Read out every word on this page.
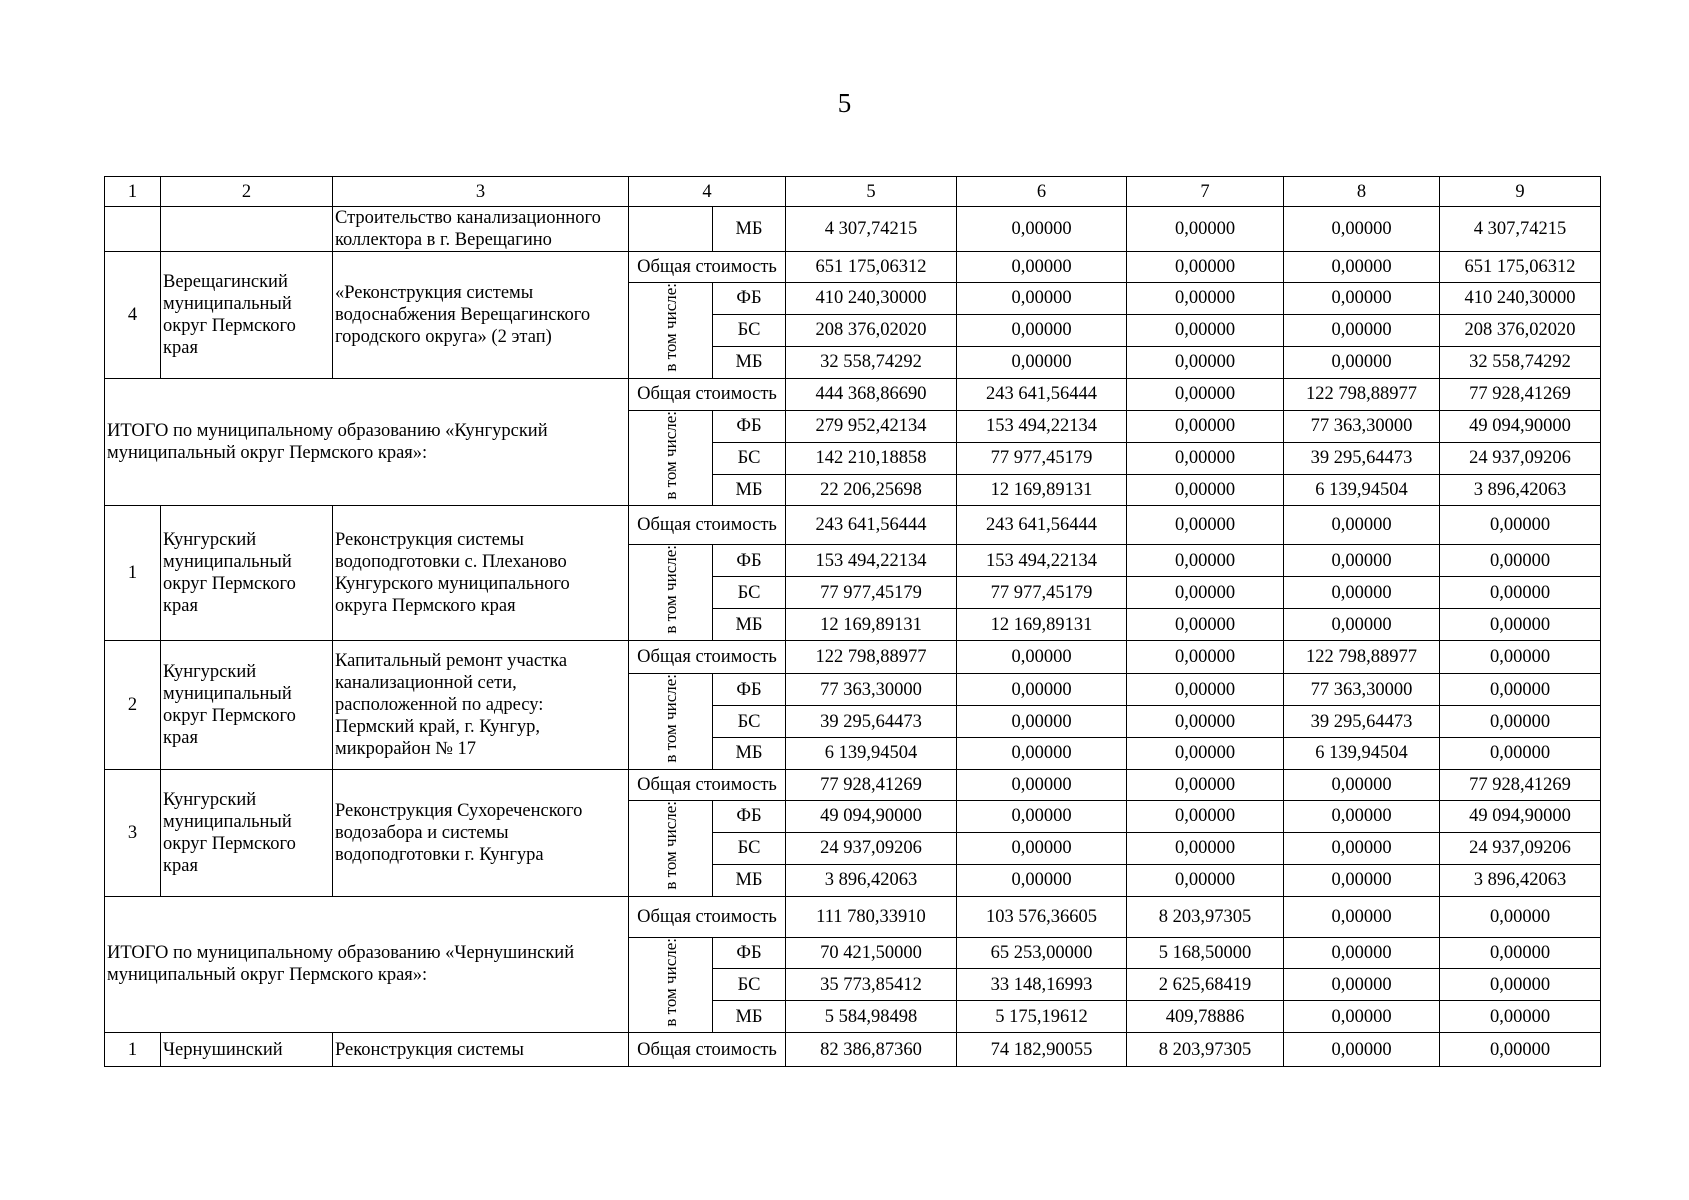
5
1	2	3	4		5	6	7	8	9
		Строительство канализационного коллектора в г. Верещагино		МБ	4 307,74215	0,00000	0,00000	0,00000	4 307,74215
4	Верещагинский муниципальный округ Пермского края	«Реконструкция системы водоснабжения Верещагинского городского округа» (2 этап)	Общая стоимость		651 175,06312	0,00000	0,00000	0,00000	651 175,06312
			в том числе:	ФБ	410 240,30000	0,00000	0,00000	0,00000	410 240,30000
				БС	208 376,02020	0,00000	0,00000	0,00000	208 376,02020
				МБ	32 558,74292	0,00000	0,00000	0,00000	32 558,74292
ИТОГО по муниципальному образованию «Кунгурский муниципальный округ Пермского края»:			Общая стоимость		444 368,86690	243 641,56444	0,00000	122 798,88977	77 928,41269
			в том числе:	ФБ	279 952,42134	153 494,22134	0,00000	77 363,30000	49 094,90000
				БС	142 210,18858	77 977,45179	0,00000	39 295,64473	24 937,09206
				МБ	22 206,25698	12 169,89131	0,00000	6 139,94504	3 896,42063
1	Кунгурский муниципальный округ Пермского края	Реконструкция системы водоподготовки с. Плеханово Кунгурского муниципального округа Пермского края	Общая стоимость		243 641,56444	243 641,56444	0,00000	0,00000	0,00000
			в том числе:	ФБ	153 494,22134	153 494,22134	0,00000	0,00000	0,00000
				БС	77 977,45179	77 977,45179	0,00000	0,00000	0,00000
				МБ	12 169,89131	12 169,89131	0,00000	0,00000	0,00000
2	Кунгурский муниципальный округ Пермского края	Капитальный ремонт участка канализационной сети, расположенной по адресу: Пермский край, г. Кунгур, микрорайон № 17	Общая стоимость		122 798,88977	0,00000	0,00000	122 798,88977	0,00000
			в том числе:	ФБ	77 363,30000	0,00000	0,00000	77 363,30000	0,00000
				БС	39 295,64473	0,00000	0,00000	39 295,64473	0,00000
				МБ	6 139,94504	0,00000	0,00000	6 139,94504	0,00000
3	Кунгурский муниципальный округ Пермского края	Реконструкция Сухореченского водозабора и системы водоподготовки г. Кунгура	Общая стоимость		77 928,41269	0,00000	0,00000	0,00000	77 928,41269
			в том числе:	ФБ	49 094,90000	0,00000	0,00000	0,00000	49 094,90000
				БС	24 937,09206	0,00000	0,00000	0,00000	24 937,09206
				МБ	3 896,42063	0,00000	0,00000	0,00000	3 896,42063
ИТОГО по муниципальному образованию «Чернушинский муниципальный округ Пермского края»:			Общая стоимость		111 780,33910	103 576,36605	8 203,97305	0,00000	0,00000
			в том числе:	ФБ	70 421,50000	65 253,00000	5 168,50000	0,00000	0,00000
				БС	35 773,85412	33 148,16993	2 625,68419	0,00000	0,00000
				МБ	5 584,98498	5 175,19612	409,78886	0,00000	0,00000
1	Чернушинский	Реконструкция системы	Общая стоимость		82 386,87360	74 182,90055	8 203,97305	0,00000	0,00000
